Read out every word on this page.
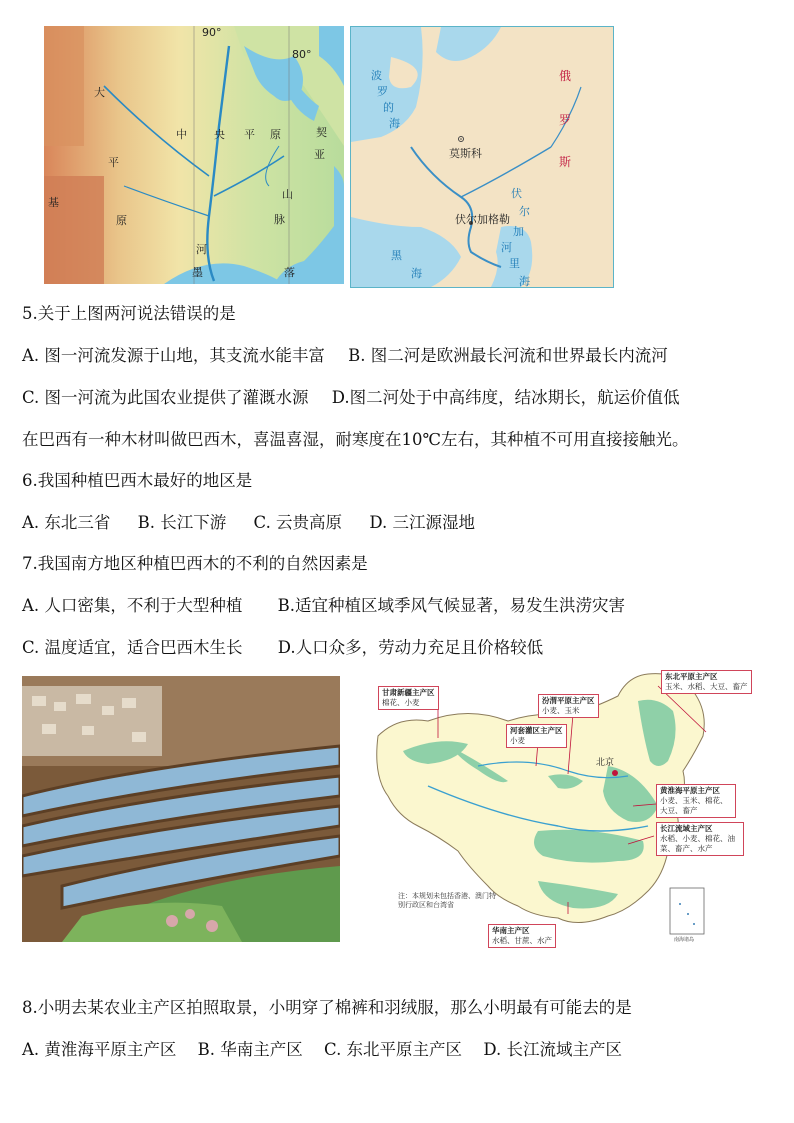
90°
80°
大
平
原
中 央 平 原	契
亚
山
脉
河
墨	落
基
俄
罗
斯
莫斯科
伏尔加格勒
波
罗
的
海
黑
海
里
海
伏
尔
加
河
5.关于上图两河说法错误的是
A. 图一河流发源于山地，其支流水能丰富 B. 图二河是欧洲最长河流和世界最长内流河
C. 图一河流为此国农业提供了灌溉水源 D.图二河处于中高纬度，结冰期长，航运价值低
在巴西有一种木材叫做巴西木，喜温喜湿，耐寒度在10℃左右，其种植不可用直接接触光。
6.我国种植巴西木最好的地区是
A. 东北三省 B. 长江下游 C. 云贵高原 D. 三江源湿地
7.我国南方地区种植巴西木的不利的自然因素是
A. 人口密集，不利于大型种植 B.适宜种植区域季风气候显著，易发生洪涝灾害
C. 温度适宜，适合巴西木生长 D.人口众多，劳动力充足且价格较低
东北平原主产区
玉米、水稻、大豆、畜产
甘肃新疆主产区
棉花、小麦	汾渭平原主产区
小麦、玉米
河套灌区主产区
小麦
黄淮海平原主产区
小麦、玉米、棉花、大豆、畜产
长江流域主产区
水稻、小麦、棉花、油菜、畜产、水产
华南主产区
水稻、甘蔗、水产
北京
注：本规划未包括香港、澳门特别行政区和台湾省
南海诸岛
8.小明去某农业主产区拍照取景，小明穿了棉裤和羽绒服，那么小明最有可能去的是
A. 黄淮海平原主产区 B. 华南主产区 C. 东北平原主产区 D. 长江流域主产区
